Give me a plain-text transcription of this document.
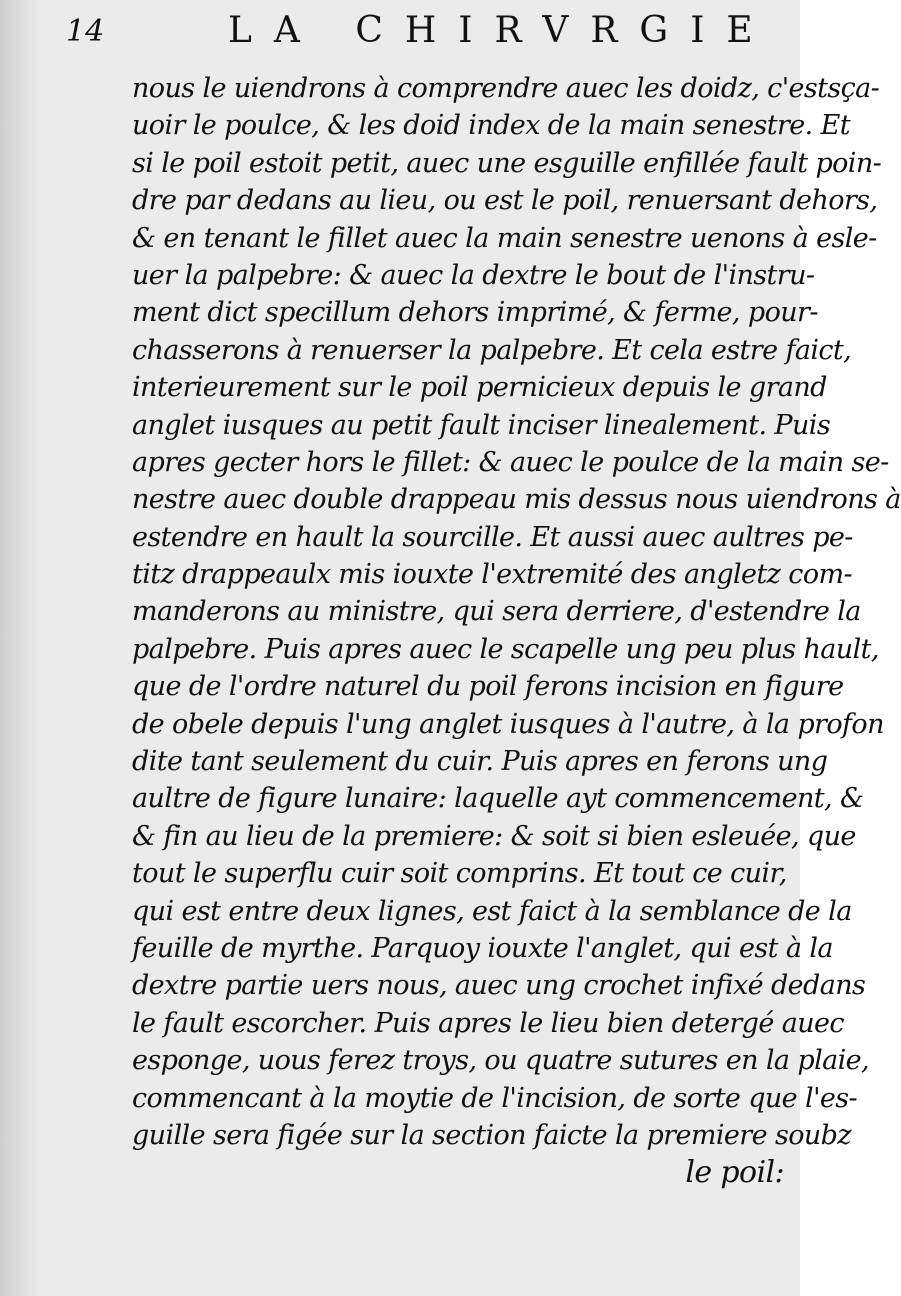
14	LA CHIRVRGIE
nous le uiendrons à comprendre auec les doidz, c'estsça-
uoir le poulce, & les doid index de la main senestre. Et
si le poil estoit petit, auec une esguille enfillée fault poin-
dre par dedans au lieu, ou est le poil, renuersant dehors,
& en tenant le fillet auec la main senestre uenons à esle-
uer la palpebre: & auec la dextre le bout de l'instru-
ment dict specillum dehors imprimé, & ferme, pour-
chasserons à renuerser la palpebre. Et cela estre faict,
interieurement sur le poil pernicieux depuis le grand
anglet iusques au petit fault inciser linealement. Puis
apres gecter hors le fillet: & auec le poulce de la main se-
nestre auec double drappeau mis dessus nous uiendrons à
estendre en hault la sourcille. Et aussi auec aultres pe-
titz drappeaulx mis iouxte l'extremité des angletz com-
manderons au ministre, qui sera derriere, d'estendre la
palpebre. Puis apres auec le scapelle ung peu plus hault,
que de l'ordre naturel du poil ferons incision en figure
de obele depuis l'ung anglet iusques à l'autre, à la profon
dite tant seulement du cuir. Puis apres en ferons ung
aultre de figure lunaire: laquelle ayt commencement, &
& fin au lieu de la premiere: & soit si bien esleuée, que
tout le superflu cuir soit comprins. Et tout ce cuir,
qui est entre deux lignes, est faict à la semblance de la
feuille de myrthe. Parquoy iouxte l'anglet, qui est à la
dextre partie uers nous, auec ung crochet infixé dedans
le fault escorcher. Puis apres le lieu bien detergé auec
esponge, uous ferez troys, ou quatre sutures en la plaie,
commencant à la moytie de l'incision, de sorte que l'es-
guille sera figée sur la section faicte la premiere soubz
le poil:
